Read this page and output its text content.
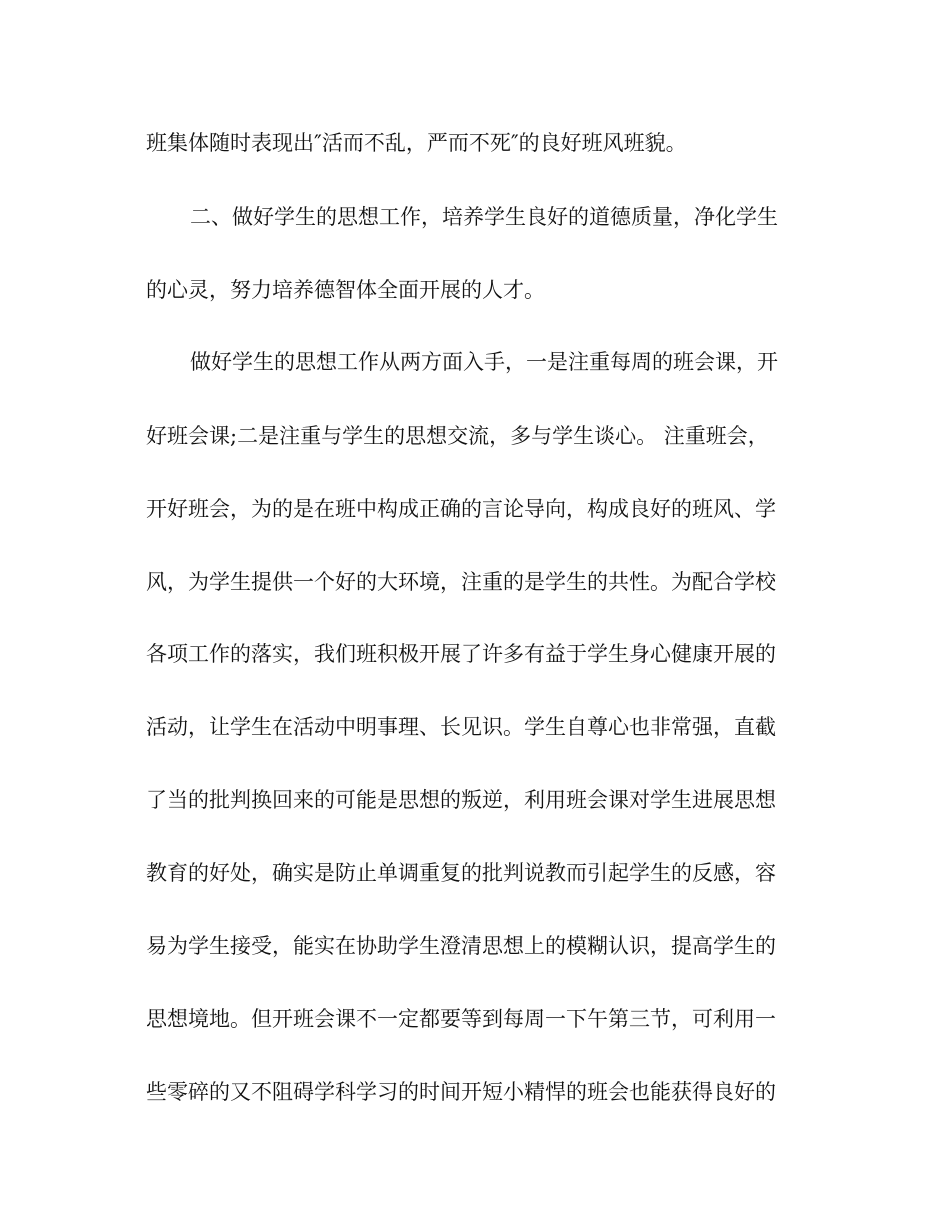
班集体随时表现出″活而不乱，严而不死″的良好班风班貌。
二、做好学生的思想工作，培养学生良好的道德质量，净化学生
的心灵，努力培养德智体全面开展的人才。
做好学生的思想工作从两方面入手，一是注重每周的班会课，开
好班会课;二是注重与学生的思想交流，多与学生谈心。 注重班会，
开好班会，为的是在班中构成正确的言论导向，构成良好的班风、学
风，为学生提供一个好的大环境，注重的是学生的共性。为配合学校
各项工作的落实，我们班积极开展了许多有益于学生身心健康开展的
活动，让学生在活动中明事理、长见识。学生自尊心也非常强，直截
了当的批判换回来的可能是思想的叛逆，利用班会课对学生进展思想
教育的好处，确实是防止单调重复的批判说教而引起学生的反感，容
易为学生接受，能实在协助学生澄清思想上的模糊认识，提高学生的
思想境地。但开班会课不一定都要等到每周一下午第三节，可利用一
些零碎的又不阻碍学科学习的时间开短小精悍的班会也能获得良好的
